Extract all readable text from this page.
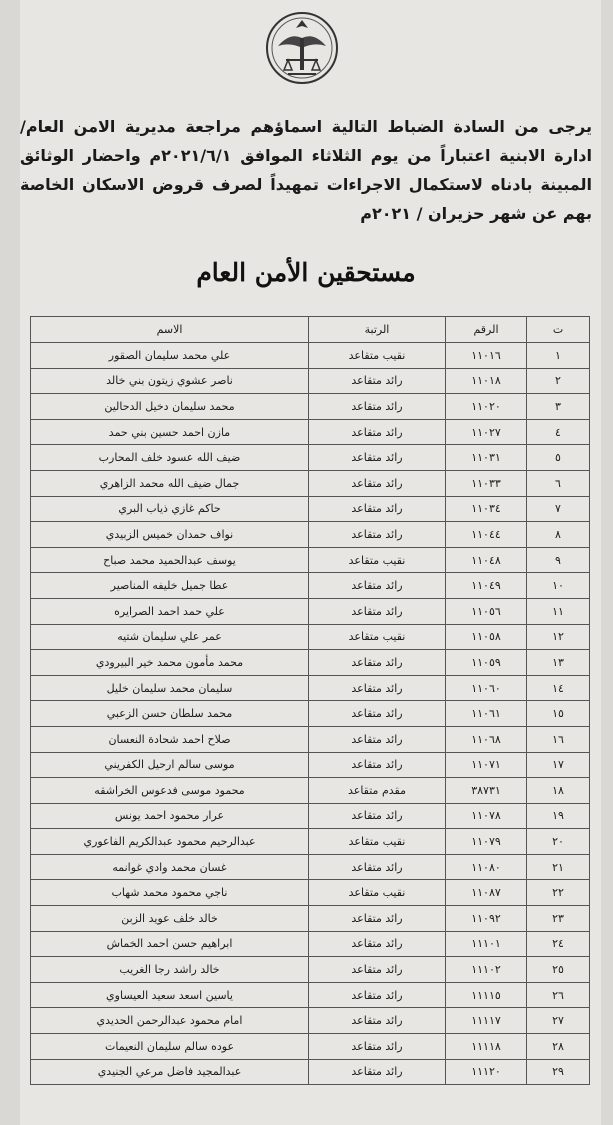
يرجى من السادة الضباط التالية اسماؤهم مراجعة مديرية الامن العام/ ادارة الابنية اعتباراً من يوم الثلاثاء الموافق ٢٠٢١/٦/١م واحضار الوثائق المبينة بادناه لاستكمال الاجراءات تمهيداً لصرف قروض الاسكان الخاصة بهم عن شهر حزيران / ٢٠٢١م
مستحقين الأمن العام
ت	الرقم	الرتبة	الاسم
١	١١٠١٦	نقيب متقاعد	علي محمد سليمان الصقور
٢	١١٠١٨	رائد متقاعد	ناصر عشوي زيتون بني خالد
٣	١١٠٢٠	رائد متقاعد	محمد سليمان دخيل الدحالين
٤	١١٠٢٧	رائد متقاعد	مازن احمد حسين بني حمد
٥	١١٠٣١	رائد متقاعد	ضيف الله عسود خلف المحارب
٦	١١٠٣٣	رائد متقاعد	جمال ضيف الله محمد الزاهري
٧	١١٠٣٤	رائد متقاعد	حاكم غازي ذياب البري
٨	١١٠٤٤	رائد متقاعد	نواف حمدان خميس الزبيدي
٩	١١٠٤٨	نقيب متقاعد	يوسف عبدالحميد محمد صباح
١٠	١١٠٤٩	رائد متقاعد	عطا جميل خليفه المناصير
١١	١١٠٥٦	رائد متقاعد	علي حمد احمد الصرايره
١٢	١١٠٥٨	نقيب متقاعد	عمر علي سليمان شتيه
١٣	١١٠٥٩	رائد متقاعد	محمد مأمون محمد خير البيرودي
١٤	١١٠٦٠	رائد متقاعد	سليمان محمد سليمان خليل
١٥	١١٠٦١	رائد متقاعد	محمد سلطان حسن الزعبي
١٦	١١٠٦٨	رائد متقاعد	صلاح احمد شحادة النعسان
١٧	١١٠٧١	رائد متقاعد	موسى سالم ارحيل الكفريني
١٨	٣٨٧٣١	مقدم متقاعد	محمود موسى فدعوس الخراشقه
١٩	١١٠٧٨	رائد متقاعد	عرار محمود احمد يونس
٢٠	١١٠٧٩	نقيب متقاعد	عبدالرحيم محمود عبدالكريم الفاعوري
٢١	١١٠٨٠	رائد متقاعد	غسان محمد وادي غوانمه
٢٢	١١٠٨٧	نقيب متقاعد	ناجي محمود محمد شهاب
٢٣	١١٠٩٢	رائد متقاعد	خالد خلف عويد الزبن
٢٤	١١١٠١	رائد متقاعد	ابراهيم حسن احمد الخماش
٢٥	١١١٠٢	رائد متقاعد	خالد راشد رجا الغريب
٢٦	١١١١٥	رائد متقاعد	ياسين اسعد سعيد العيساوي
٢٧	١١١١٧	رائد متقاعد	امام محمود عبدالرحمن الحديدي
٢٨	١١١١٨	رائد متقاعد	عوده سالم سليمان النعيمات
٢٩	١١١٢٠	رائد متقاعد	عبدالمجيد فاضل مرعي الجنيدي
